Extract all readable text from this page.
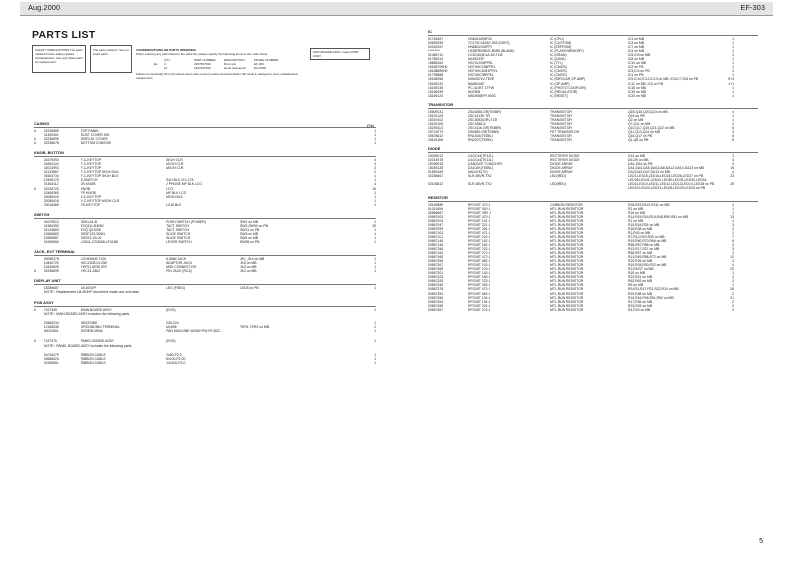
Aug.2000	EF-303
PARTS LIST
SAFETY PRECAUTIONS The parts marked # have safety-related characteristics. Use only listed parts for replacement.
The parts marked * are not listed parts.
CONSIDERATIONS ON PARTS ORDERING
When ordering any parts listed in the parts list, please specify the following items in the order sheet.
QTY	PART NUMBER	DESCRIPTION	MODEL NUMBER
Ex.	2	2367807000	Drum pin	EF-303
10	2347547000	Hood (stamped)	DA-015D
Failure to completely fill in the above items with correct number and description will result in delayed or even unaddressed replacement.
MAIN BOARD ASSY means PWB ASSY.
Q'ty
CASING
#	02236689	TOP PANEL	1
01459401	DUST COVER SW	1
#	02236690	DISPLAY COVER	1
#	02236678	BOTTOM CHASSIS	1
KNOB, BUTTON
01679490	F-C-KEYTOP	SK1H CLR	4
01604124	F-C-KEYTOP	MX1H CLR	2
02013993	F-C-KEYTOP	MX1H CLR	2
02133867	F-C-KEYTOP MX1H BLK	2
01603734	F-C-KEYTOP SK1H BLK	1
12496175	S-SWITCH	S1H BLK 3+1-175	1
01363112	JR-KNOB	J PHONE MF BLK LCG	4
#	02236723	KNOB	LCG	16
02466360	FP-KNOB	MF BLK LCG	1
02065415	Y-C-KEYTOP	MX2H BLK	1
02065416	Y-C-KEYTOP MX2H CLR	1
02016369	YS-KEYTOP	LX16 BLK	1
SWITCH
01679512	SDKLA1-B	PUSH SWITCH (POWER)	SW1 on MB	1
01360390	EVQ11L4HK50	TACT SWITCH	SW2-SW30 on PB	29
02133683	EVQ Q2J03K	TACT SWITCH	SW31 on PB	1
12666663	SSSF123-S06N	SLIDE SWITCH	SW3 on MB	1
12650887	SSSS2-23-01	SLIDE SWITCH	SW4 on MB	1
01906960	LS001-C22DAB-LF415B	LEVER SWITCH	SW36 on PB	1
JACK, EXT TERMINAL
00096378	LGHK6009-7100	6.5MM JACK	JK1_JK4 on MB	2
13440720	HEC2305-01-050	ADAPTOR JACK	JK5 on MB	1
13439825	YKF51-5039 2PZ	MIDI CONNECTOR	JK3 on MB	1
#	02236699	YKC21-3362	PIN JACK (RCA)	JK2 on MB	1
DISPLAY UNIT
18286687	LB-603VP	LED (FSEG)	LED8 on PB	1
NOTE : Replacement LB-603VP should be made one unit base.
PCB ASSY
#	7167349	MAIN BOARD ASSY	(EXG)	1
NOTE : MAIN BOARD ASSY includes the following parts.
23465234	HEATSINK	245-224	1
12156636	GROUNDING TERMINAL	M1696	TER1,TER2 on MB	2
40011501	SCREW M3x6	PAN MACHINE W/SW+PW FE BZC	1
#	7167376	PANEL BOARD ASSY	(EXG)	1
NOTE : PANEL BOARD ASSY includes the following parts.
01016479	RIBBON CABLE	2x50-P2.0	1
00686623	RIBBON CABLE	6x100-P2.00	1
02339561	RIBBON CABLE	14x100-P2.0	1
IC
01746367	HD6413005F20	IC (CPU)	IC1 on MB	1
00693259	TC170C140AF-003 (DSP2)	IC (CUSTOM)	IC3 on MB	1
02232267	HN58X2432FPI	IC (EEPROM)	IC7 on MB	1
*********	LH28F800BVE-BV85 (BLANK)	IC (FLASH MEMORY)	IC4 on MB	1
01466712	LC3216Q8-4A-60-TLM	IC (DRAM)	IC5,IC6 on MB	2
01780012	AK4523VF	IC (A/D/A)	IC8 on MB	1
15868164	HD74LS08FPEL	IC (TTL)	IC10 on MB	1
15168709H0	HD74HC138FPEL	IC (CMOS)	IC2 on PB	1
15168689H0	HD74HC4051FPEL	IC (CMOS)	IC3,IC4 on PB	2
01795888	HD74HC08FPEL	IC (CMOS)	IC1 on PB	1
15168396	NJM4574V-TE2E	IC (BIPOLAR OP AMP)	IC9,IC10,IC12,IC13 on MB, IC6,IC7,IC8 on PB	5+3
15169131	BA6604AF	IC (OP AMP)	IC11 on MB, IC5 on PB	1+1
15169135	PC-410KT 1TFW	IC (PHOTO COUPLER)	IC16 on MB	1
15169039	AN7805	IC (REGULATOR)	IC19 on MB	1
15169123	M51953BFP-600C	IC (RESET)	IC20 on MB	1
TRANSISTOR
15609131	2SA1586-GR(TE85R)	TRANSISTOR	Q1B,Q15,Q20,Q23 on MB	4
15119128	2SC2412K TR	TRANSISTOR	Q18 on PB	1
15019102	2SC3052(GR)-T1B	TRANSISTOR	Q2 on MB	1
15119108	2SC3356-A	TRANSISTOR	Q7,Q11 on MB	2
15239113	2SC4116-GR(TE85R)	TRANSISTOR	Q10,Q17,Q19,Q21,Q22 on MB	5
15719270	2SK880-GR(TE85R)	FET TRANSISTOR	Q12,Q13,Q14 on MB	3
00678612	RN1403(TE85L)	TRANSISTOR	Q16-Q17 on PB	8
15119168	RN2207(TE85L)	TRANSISTOR	Q1-Q8 on PB	8
DIODE
15039012	U1GC44(TE12L)	RECTIFIER DIODE	D13 on MB	1
02014578	U1GC44(TE12L)	RECTIFIER DIODE	D6-D9 on MB	4
15039033	DAN202K T146(CHIP)	DIODE ARRAY	DA1-DA4 on PB	4
15039128	DA102K(TE85L)	DIODE ARRAY	DA1,DA4,DA5,DA6,DA8,DA12,DA14-DA23 on MB	19
01893169	MA147K(TX)	DIODE ARRAY	DA2,DA3,DA7,DA13 on MB	4
02236667	SLR-56VR-TX2	LED(RED)	LED1,LED15,LED16,LED24,LED26,LED27 on PB	23
LED28,LED41,LED42,LED30,LED31,LED33,LED34,
02126812	SLR-56VR-TX2	LED(RED)	LED2,LED10,LED11,LED12,LED13,LED14,LED18 on PB	25
LED19,LED20,LED23,LED25,LED29,LED33 on PB
RESISTOR
15169889	RPC05T 470 J	CARBON RESISTOR	R18,R19,R110,R111 on MB	4
01011696	RPC05T 000 J	MTL.RUN RESISTOR	R1 on MB	1
00566687	RPC05T 0R0 J	MTL.RUN RESISTOR	R16 on MB	1
00567003	RPC05T 470 J	MTL.RUN RESISTOR	R14,R15,R16,R18,R48,R50,R51 on MB	13
00567004	RPC05T 101 J	MTL.RUN RESISTOR	R1 on MB	1
00567047	RPC05T 221 J	MTL.RUN RESISTOR	R15,R18,R34 on MB	3
00567099	RPC05T 331 J	MTL.RUN RESISTOR	R18,R38 on MB	2
00567101	RPC05T 471 J	MTL.RUN RESISTOR	R2,R43 on MB	2
00567112	RPC05T 102 J	MTL.RUN RESISTOR	R7,R12,R20,R30 on MB	7
00567145	RPC05T 152 J	MTL.RUN RESISTOR	R19,R60,R70,R66 on MB	6
00567148	RPC05T 182 J	MTL.RUN RESISTOR	R56,R57,R58 on MB	3
00567156	RPC05T 222 J	MTL.RUN RESISTOR	R13,R17,R27 on MB	3
00567160	RPC05T 272 J	MTL.RUN RESISTOR	R56,R57 on MB	2
00567165	RPC05T 472 J	MTL.RUN RESISTOR	R13,R49,R58,R72 on MB	12
00567356	RPC05T 682 J	MTL.RUN RESISTOR	R20,R26 on MB	2
00567367	RPC05T 103 J	MTL.RUN RESISTOR	R19,R28,R30,R32 on MB	4
00567369	RPC05T 123 J	MTL.RUN RESISTOR	R3,R5,R7 on MB	20
00567301	RPC05T 153 J	MTL.RUN RESISTOR	R15 on MB	1
00567323	RPC05T 183 J	MTL.RUN RESISTOR	R22,R41 on MB	2
00567325	RPC05T 223 J	MTL.RUN RESISTOR	R62,R63 on MB	2
00567345	RPC05T 333 J	MTL.RUN RESISTOR	R6 on MB	1
00567378	RPC05T 473 J	MTL.RUN RESISTOR	R9,R11,R17,R21,R22,R24 on MB	26
00567390	RPC05T 683 J	MTL.RUN RESISTOR	R19,R38 on MB	2
00567396	RPC05T 104 J	MTL.RUN RESISTOR	R15,R16,R45,R51,R52 on MB	21
00567453	RPC05T 154 J	MTL.RUN RESISTOR	R17,R36 on MB	2
00567459	RPC05T 224 J	MTL.RUN RESISTOR	R23,R26 on MB	2
00567467	RPC05T 274 J	MTL.RUN RESISTOR	R4,R23 on MB	2
5
